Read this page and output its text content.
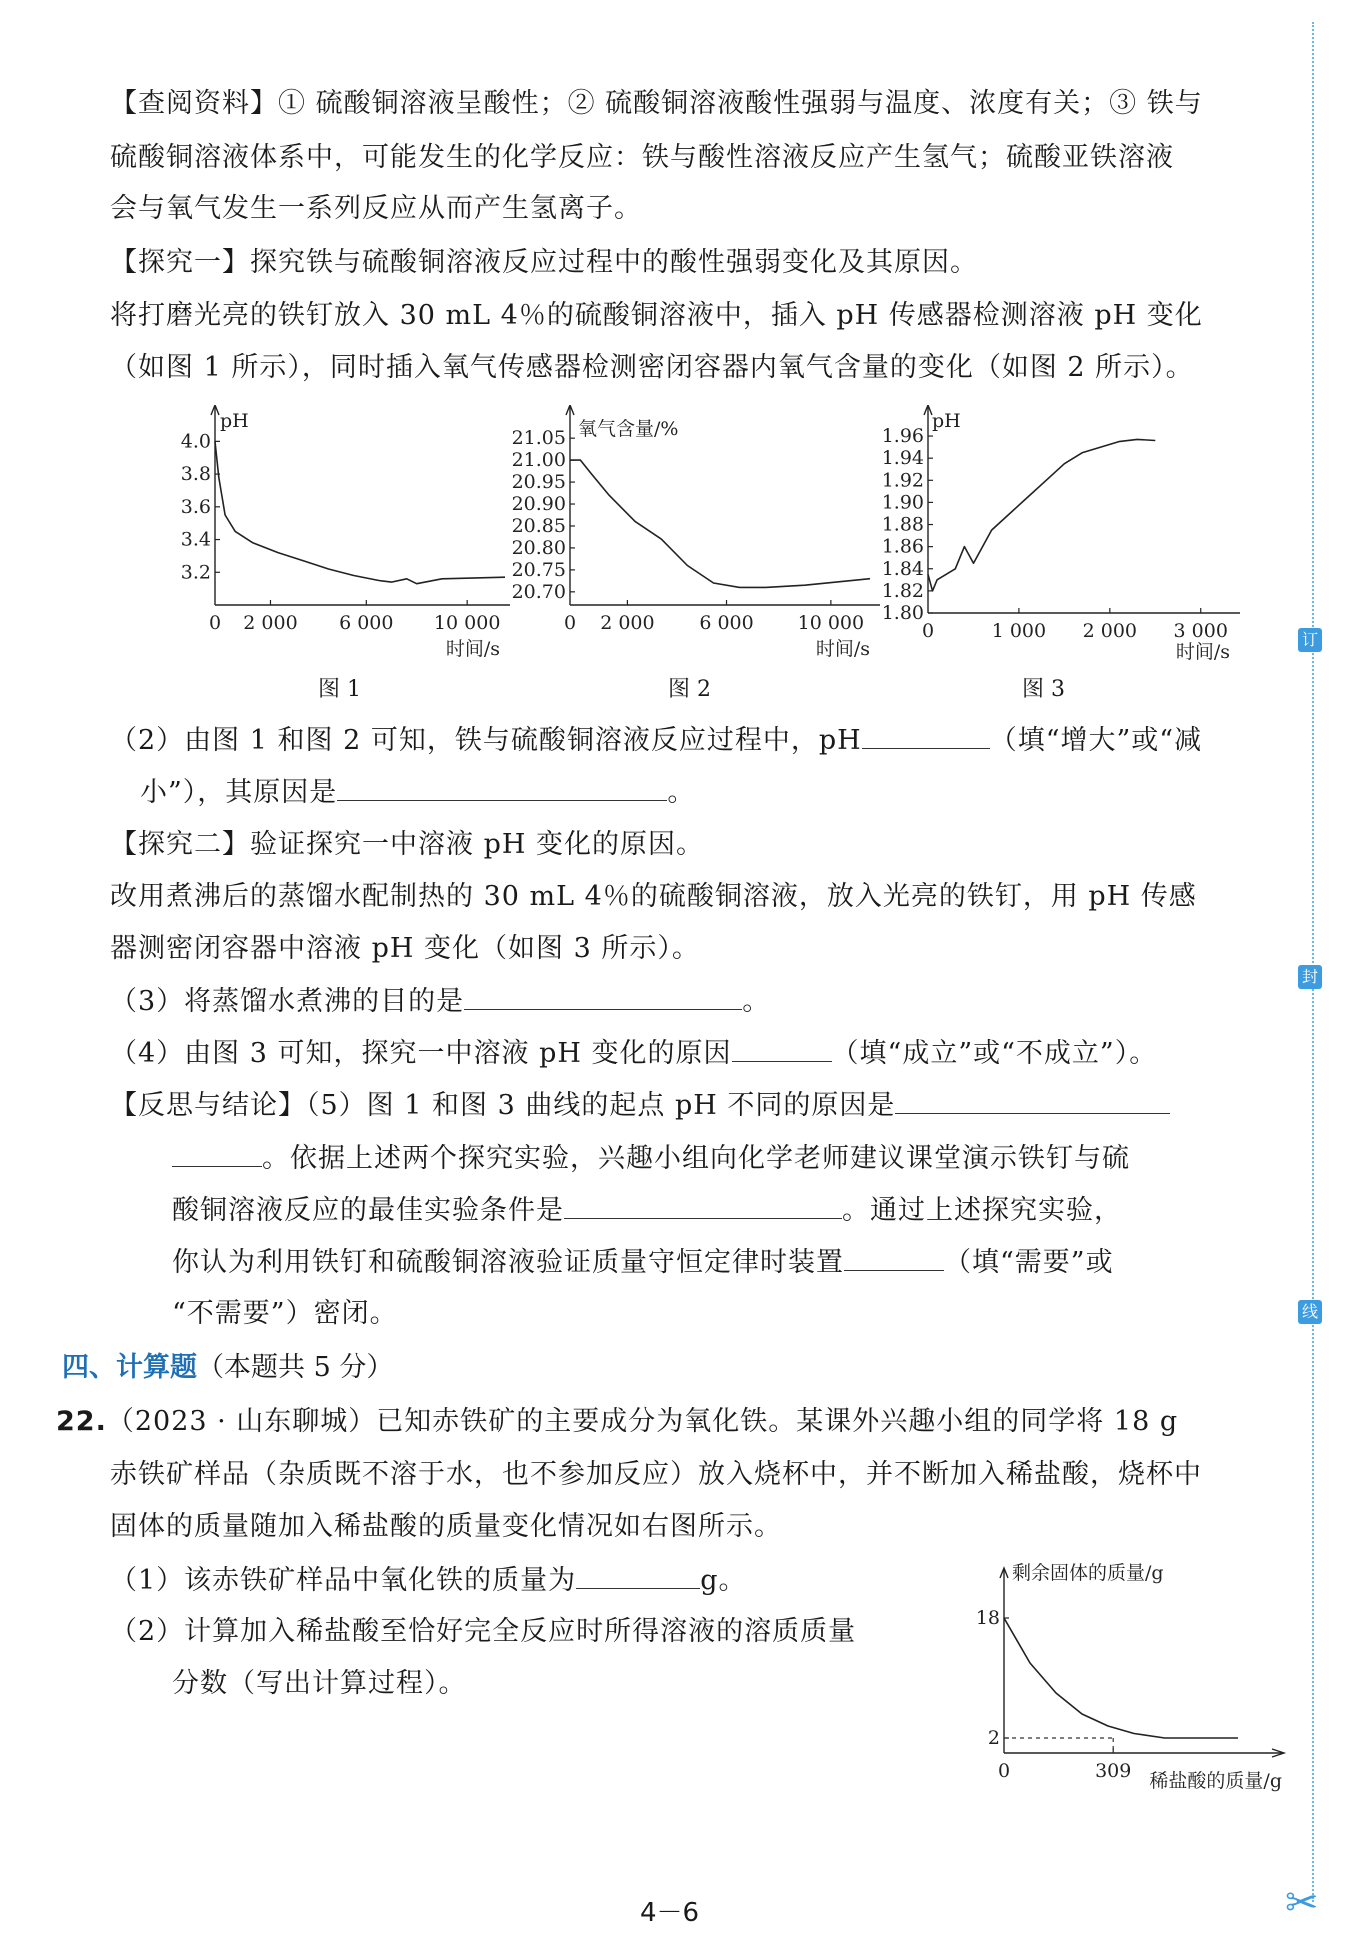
订
封
线
【查阅资料】① 硫酸铜溶液呈酸性；② 硫酸铜溶液酸性强弱与温度、浓度有关；③ 铁与
硫酸铜溶液体系中，可能发生的化学反应：铁与酸性溶液反应产生氢气；硫酸亚铁溶液
会与氧气发生一系列反应从而产生氢离子。
【探究一】探究铁与硫酸铜溶液反应过程中的酸性强弱变化及其原因。
将打磨光亮的铁钉放入 30 mL 4％的硫酸铜溶液中，插入 pH 传感器检测溶液 pH 变化
（如图 1 所示），同时插入氧气传感器检测密闭容器内氧气含量的变化（如图 2 所示）。
4.0
3.8
3.6
3.4
3.2
0 2 000 6 000 10 000
pH
时间/s
21.05
21.00
20.95
20.90
20.85
20.80
20.75
20.70
0 2 000 6 000 10 000
氧气含量/%
时间/s
1.96
1.94
1.92
1.90
1.88
1.86
1.84
1.82
1.80
0	1 000 2 000 3 000
pH
时间/s
图 1	图 2	图 3
（2）由图 1 和图 2 可知，铁与硫酸铜溶液反应过程中，pH	（填“增大”或“减
小”），其原因是	。
【探究二】验证探究一中溶液 pH 变化的原因。
改用煮沸后的蒸馏水配制热的 30 mL 4％的硫酸铜溶液，放入光亮的铁钉，用 pH 传感
器测密闭容器中溶液 pH 变化（如图 3 所示）。
（3）将蒸馏水煮沸的目的是	。
（4）由图 3 可知，探究一中溶液 pH 变化的原因	（填“成立”或“不成立”）。
【反思与结论】（5）图 1 和图 3 曲线的起点 pH 不同的原因是
。依据上述两个探究实验，兴趣小组向化学老师建议课堂演示铁钉与硫
酸铜溶液反应的最佳实验条件是	。通过上述探究实验，
你认为利用铁钉和硫酸铜溶液验证质量守恒定律时装置	（填“需要”或
“不需要”）密闭。
四、计算题（本题共 5 分）
22.（2023 · 山东聊城）已知赤铁矿的主要成分为氧化铁。某课外兴趣小组的同学将 18 g
赤铁矿样品（杂质既不溶于水，也不参加反应）放入烧杯中，并不断加入稀盐酸，烧杯中
固体的质量随加入稀盐酸的质量变化情况如右图所示。
（1）该赤铁矿样品中氧化铁的质量为	g。
（2）计算加入稀盐酸至恰好完全反应时所得溶液的溶质质量
分数（写出计算过程）。
18
2
0	309
剩余固体的质量/g
稀盐酸的质量/g
4－6	✂
